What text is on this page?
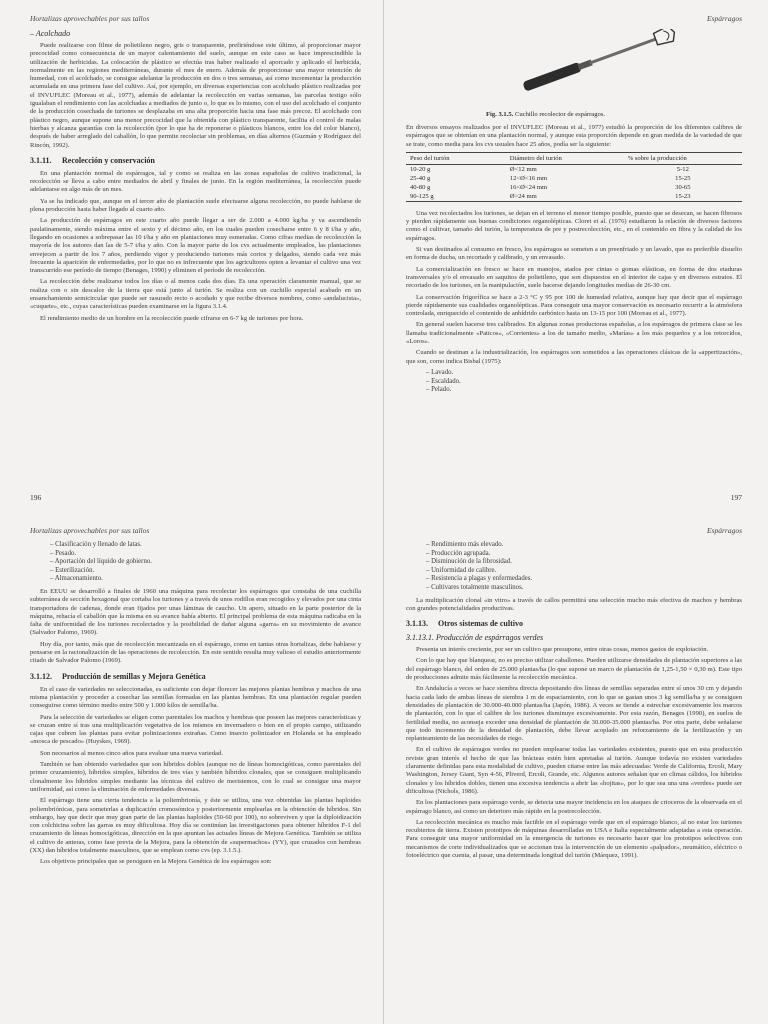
Hortalizas aprovechables por sus tallos
– Acolchado

Puede realizarse con filme de polietileno negro, gris o transparente, prefiriéndose este último, al proporcionar mayor precocidad como consecuencia de un mayor calentamiento del suelo, aunque en este caso se hace imprescindible la utilización de herbicidas. La colocación de plástico se efectúa tras haber realizado el aporcado y aplicado el herbicida, normalmente en las regiones mediterráneas, durante el mes de enero. Además de proporcionar una mayor retención de humedad, con el acolchado, se consigue adelantar la producción en dos o tres semanas, así como incrementar la producción acumulada en una primera fase del cultivo. Así, por ejemplo, en diversas experiencias con acolchado plástico realizadas por el INVUFLEC (Moreau et al., 1977), además de adelantar la recolección en varias semanas, las parcelas testigo sólo igualaban el rendimiento con las acolchadas a mediados de junio o, lo que es lo mismo, con el uso del acolchado el conjunto de la producción cosechada de turiones se desplazaba en una alta proporción hacia una fase más precoz. El acolchado con plástico negro, aunque supone una menor precocidad que la obtenida con plástico transparente, facilita el control de malas hierbas y alcanza garantías con la recolección (por lo que ha de reponerse o plásticos blancos, entre los del color blanco), después de haber arreglado del caballón, lo que permite recolectar sin problemas, en días alternos (Guzmán y Rodríguez del Rincón, 1992).

3.1.11. Recolección y conservación

En una plantación normal de espárragos, tal y como se realiza en las zonas españolas de cultivo tradicional, la recolección se lleva a cabo entre mediados de abril y finales de junio. En la región mediterránea, la recolección puede adelantarse en algo más de un mes.

Ya se ha indicado que, aunque en el tercer año de plantación suele efectuarse alguna recolección, no puede hablarse de plena producción hasta haber llegado al cuarto año.

La producción de espárragos en este cuarto año puede llegar a ser de 2.000 a 4.000 kg/ha y va ascendiendo paulatinamente, siendo máxima entre el sexto y el décimo año, en los cuales pueden cosecharse entre 6 y 8 t/ha y año, llegando en ocasiones a sobrepasar las 10 t/ha y año en plantaciones muy esmeradas. Como cifras medias de recolección la mayoría de los autores dan las de 5-7 t/ha y año. Con la mayor parte de los cvs actualmente empleados, las plantaciones envejecen a partir de los 7 años, perdiendo vigor y produciendo turiones más cortos y delgados, siendo cada vez más frecuente la aparición de enfermedades, por lo que no es infrecuente que los agricultores opten a levantar el cultivo una vez transcurrido ese período de tiempo (Benages, 1990) y eliminen el período de recolección.

La recolección debe realizarse todos los días o al menos cada dos días. Es una operación claramente manual, que se realiza con o sin descalce de la tierra que está junto al turión. Se realiza con un cuchillo especial acabado en un ensanchamiento semicircular que puede ser rasurado recto o acodado y que recibe diversos nombres, como «andalucista», «cuquete», etc., cuyas características pueden examinarse en la figura 3.1.4.

El rendimiento medio de un hombre en la recolección puede cifrarse en 6-7 kg de turiones por hora.

196
Espárragos
Fig. 3.1.5. Cuchillo recolector de espárragos.

En diversos ensayos realizados por el INVUFLEC (Moreau et al., 1977) estudió la proporción de los diferentes calibres de espárragos que se obtenían en una plantación normal, y aunque esta proporción depende en gran medida de la variedad de que se trate, como media para los cvs usuales hace 25 años, podía ser la siguiente:

Peso del turión	Diámetro del turión	% sobre la producción
10-20 g	Ø<12 mm	5-12
25-40 g	12<Ø<16 mm	15-25
40-80 g	16<Ø<24 mm	30-65
90-125 g	Ø>24 mm	15-23

Una vez recolectados los turiones, se dejan en el terreno el menor tiempo posible, puesto que se desecan, se hacen fibrosos y pierden rápidamente sus buenas condiciones organolépticas. Cloret et al. (1976) estudiaron la relación de diversos factores como el cultivar, tamaño del turión, la temperatura de pre y postrecolección, etc., en el contenido en fibra y la calidad de los espárragos.

Si van destinados al consumo en fresco, los espárragos se someten a un preenfriado y un lavado, que es preferible disuelto en forma de ducha, un recortado y calibrado, y un envasado.

La comercialización en fresco se hace en manojos, atados por cintas o gomas elásticas, en forma de dos etaduras transversales y/o el envasado en saquitos de polietileno, que son dispuestos en el interior de cajas y en diversos estratos. El recortado de los turiones, en la manipulación, suele hacerse dejando longitudes medias de 26-30 cm.

La conservación frigorífica se hace a 2-3 °C y 95 por 100 de humedad relativa, aunque hay que decir que el espárrago pierde rápidamente sus cualidades organolépticas. Para conseguir una mayor conservación es necesario recurrir a la atmósfera controlada, enriquecido el contenido de anhídrido carbónico hasta un 13-15 por 100 (Moreau et al., 1977).

En general suelen hacerse tres calibrados. En algunas zonas productoras españolas, a los espárragos de primera clase se les llamaba tradicionalmente «Paticos», «Corrientes» a los de tamaño medio, «Marías» a los más pequeños y a los retorcidos, «Loros».

Cuando se destinan a la industrialización, los espárragos son sometidos a las operaciones clásicas de la «appertización», que son, como indica Bisbal (1975):

– Lavado.
– Escaldado.
– Pelado.
197
Hortalizas aprovechables por sus tallos
– Clasificación y llenado de latas.
– Pesado.
– Aportación del líquido de gobierno.
– Esterilización.
– Almacenamiento.

En EEUU se desarrolló a finales de 1960 una máquina para recolectar los espárragos que constaba de una cuchilla subterránea de sección hexagonal que cortaba los turiones y a través de unos rodillos eran recogidos y elevados por una cinta transportadora de cadenas, donde eran fijados por unas láminas de caucho. Un apero, situado en la parte posterior de la máquina, rehacía el caballón que la misma en su avance había abierto. El principal problema de esta máquina radicaba en la falta de uniformidad de los turiones recolectados y la posibilidad de dañar alguna «garra» en su movimiento de avance (Salvador Palomo, 1969).

Hoy día, por tanto, más que de recolección mecanizada en el espárrago, como en tantas otras hortalizas, debe hablarse y pensarse en la racionalización de las operaciones de recolección. En este sentido resulta muy valioso el estudio anteriormente citado de Salvador Palomo (1969).

3.1.12. Producción de semillas y Mejora Genética

En el caso de variedades no seleccionadas, es suficiente con dejar florecer las mejores plantas hembras y machos de una misma plantación y proceder a cosechar las semillas formadas en las plantas hembras. En una plantación regular pueden conseguirse como término medio entre 500 y 1.000 kilos de semilla/ha.

Para la selección de variedades se eligen como parentales los machos y hembras que poseen las mejores características y se cruzan entre sí tras una multiplicación vegetativa de los mismos en invernadero o bien en el propio campo, utilizando cajas que cubren las plantas para evitar polinizaciones extrañas. Como insecto polinizador en Holanda se ha empleado «mosca de pescado» (Huyskes, 1969).

Son necesarios al menos cinco años para evaluar una nueva variedad.

También se han obtenido variedades que son híbridos dobles (aunque no de líneas homocigóticas, como parentales del primer cruzamiento), híbridos simples, híbridos de tres vías y también híbridos clonales, que se consiguen multiplicando clonalmente los híbridos simples mediante las técnicas del cultivo de meristemos, con lo cual se consigue una mayor uniformidad, así como la eliminación de enfermedades diversas.

El espárrago tiene una cierta tendencia a la poliembrionía, y éste se utiliza, una vez obtenidas las plantas haploides poliembriónicas, para someterlas a duplicación cromosómica y posteriormente emplearlas en la obtención de híbridos. Sin embargo, hay que decir que muy gran parte de las plantas haploides (50-60 por 100), no sobreviven y que la diploidización con colchicina sobre las garras es muy dificultosa. Hoy día se continúan las investigaciones para obtener híbridos F-1 del cruzamiento de líneas homocigóticas, dirección en la que apuntan las actuales líneas de Mejora Genética. También se utiliza el cultivo de anteras, como fase previa de la Mejora, para la obtención de «supermachos» (YY), que cruzados con hembras (XX) dan híbridos totalmente masculinos, que se emplean como cvs (ep. 3.1.5.).

Los objetivos principales que se persiguen en la Mejora Genética de los espárragos son:

Espárragos
– Rendimiento más elevado.
– Producción agrupada.
– Disminución de la fibrosidad.
– Uniformidad de calibre.
– Resistencia a plagas y enfermedades.
– Cultivares totalmente masculinos.

La multiplicación clonal «in vitro» a través de callos permitirá una selección mucho más efectiva de machos y hembras con grandes potencialidades productivas.

3.1.13. Otros sistemas de cultivo
3.1.13.1. Producción de espárragos verdes

Presenta un interés creciente, por ser un cultivo que presupone, entre otras cosas, menos gastos de explotación.

Con lo que hay que blanquear, no es preciso utilizar caballones. Pueden utilizarse densidades de plantación superiores a las del espárrago blanco, del orden de 25.000 plantas/ha (lo que supone un marco de plantación de 1,25-1,50 × 0,30 m). Este tipo de producciones admite más fácilmente la recolección mecánica.

En Andalucía a veces se hace siembra directa depositando dos líneas de semillas separadas entre sí unos 30 cm y dejando hacia cada lado de ambas líneas de siembra 1 m de espaciamiento, con lo que se gastan unos 3 kg semilla/ha y se consiguen densidades de plantación de 30.000-40.000 plantas/ha (Japón, 1986). A veces se tiende a estrechar excesivamente los marcos de plantación, con lo que el calibre de los turiones disminuye excesivamente. Por esta razón, Benages (1990), en suelos de fertilidad media, no aconseja exceder una densidad de plantación de 30.000-35.000 plantas/ha. Por otra parte, debe señalarse que todo incremento de la densidad de plantación, debe llevar acoplado un reforzamiento de la fertilización y un replanteamiento de las necesidades de riego.

En el cultivo de espárragos verdes no pueden emplearse todas las variedades existentes, puesto que en esta producción reviste gran interés el hecho de que las brácteas estén bien apretadas al turión. Aunque todavía no existen variedades claramente definidas para esta modalidad de cultivo, pueden citarse entre las más adecuadas: Verde de California, Ercoli, Mary Washington, Jersey Giant, Syn 4-56, Pliverd, Ercoli, Grande, etc. Algunos autores señalan que en climas cálidos, los híbridos clonales y los híbridos dobles, tienen una excesiva tendencia a abrir las «hojitas», por lo que sea una una «verdes» puede ser dificultosa (Nichols, 1986).

En los plantaciones para espárrago verde, se detecta una mayor incidencia en los ataques de crioceros de la observada en el espárrago blanco, así como un deterioro más rápido en la postrecolección.

La recolección mecánica es mucho más factible en el espárrago verde que en el espárrago blanco, al no estar los turiones recubiertos de tierra. Existen prototipos de máquinas desarrolladas en USA e Italia especialmente adaptadas a esta operación. Para conseguir una mayor uniformidad en la emergencia de turiones es necesario hacer que los prototipos selectivos con mecanismos de corte individualizados que se accionan tras la intervención de un elemento «palpador», neumático, eléctrico o fotoeléctrico que cuenta, al pasar, una determinada longitud del turión (Márquez, 1991).
